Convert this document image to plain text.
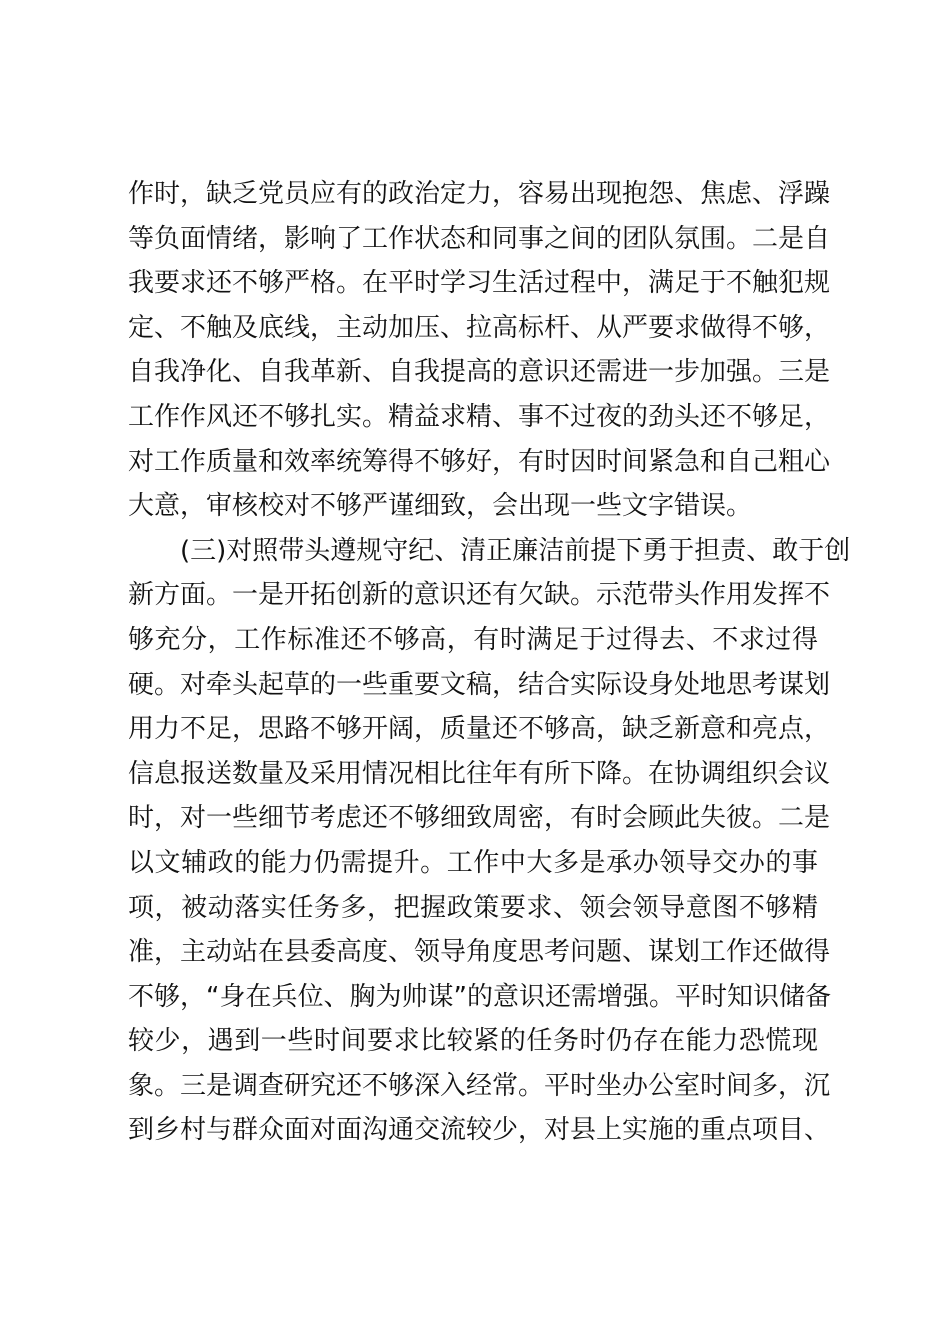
作时，缺乏党员应有的政治定力，容易出现抱怨、焦虑、浮躁
等负面情绪，影响了工作状态和同事之间的团队氛围。二是自
我要求还不够严格。在平时学习生活过程中，满足于不触犯规
定、不触及底线，主动加压、拉高标杆、从严要求做得不够，
自我净化、自我革新、自我提高的意识还需进一步加强。三是
工作作风还不够扎实。精益求精、事不过夜的劲头还不够足，
对工作质量和效率统筹得不够好，有时因时间紧急和自己粗心
大意，审核校对不够严谨细致，会出现一些文字错误。
(三)对照带头遵规守纪、清正廉洁前提下勇于担责、敢于创
新方面。一是开拓创新的意识还有欠缺。示范带头作用发挥不
够充分，工作标准还不够高，有时满足于过得去、不求过得
硬。对牵头起草的一些重要文稿，结合实际设身处地思考谋划
用力不足，思路不够开阔，质量还不够高，缺乏新意和亮点，
信息报送数量及采用情况相比往年有所下降。在协调组织会议
时，对一些细节考虑还不够细致周密，有时会顾此失彼。二是
以文辅政的能力仍需提升。工作中大多是承办领导交办的事
项，被动落实任务多，把握政策要求、领会领导意图不够精
准，主动站在县委高度、领导角度思考问题、谋划工作还做得
不够，“身在兵位、胸为帅谋”的意识还需增强。平时知识储备
较少，遇到一些时间要求比较紧的任务时仍存在能力恐慌现
象。三是调查研究还不够深入经常。平时坐办公室时间多，沉
到乡村与群众面对面沟通交流较少，对县上实施的重点项目、
